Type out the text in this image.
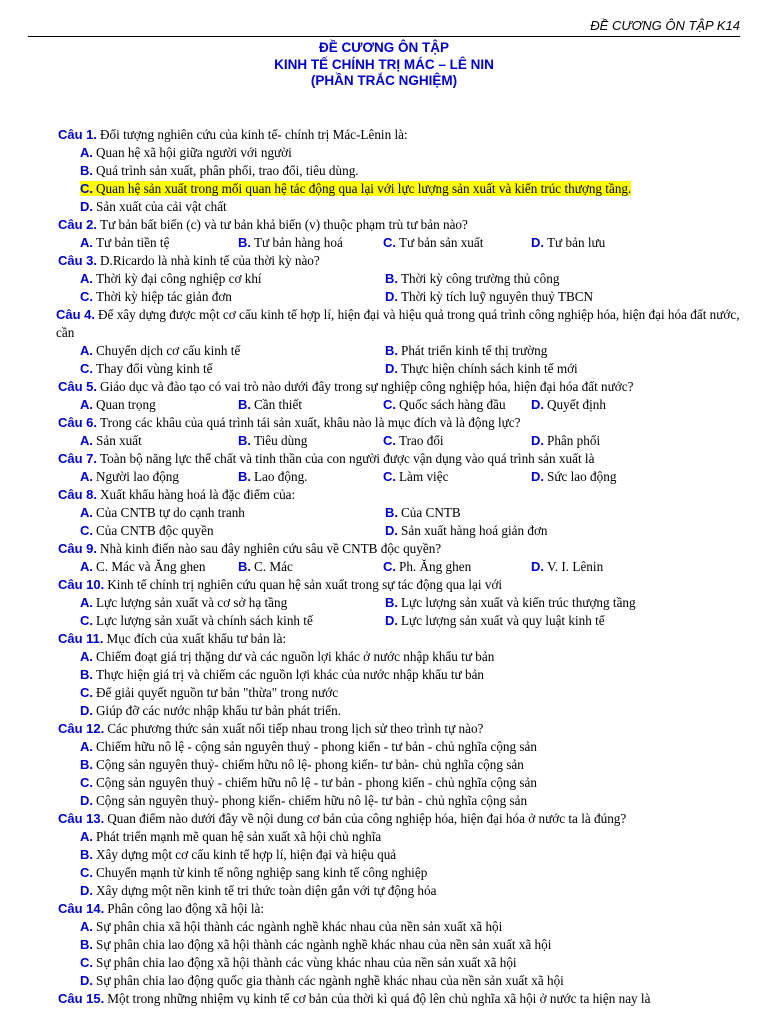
ĐỀ CƯƠNG ÔN TẬP K14
ĐỀ CƯƠNG ÔN TẬP
KINH TẾ CHÍNH TRỊ MÁC – LÊ NIN
(PHẦN TRẮC NGHIỆM)
Câu 1. Đối tượng nghiên cứu của kinh tế- chính trị Mác-Lênin là:
A. Quan hệ xã hội giữa người với người
B. Quá trình sản xuất, phân phối, trao đổi, tiêu dùng.
C. Quan hệ sản xuất trong mối quan hệ tác động qua lại với lực lượng sản xuất và kiến trúc thượng tầng.
D. Sản xuất của cải vật chất
Câu 2. Tư bản bất biến (c) và tư bản khả biến (v) thuộc phạm trù tư bản nào?
A. Tư bản tiền tệ	B. Tư bản hàng hoá	C. Tư bản sản xuất	D. Tư bản lưu
Câu 3. D.Ricardo là nhà kinh tế của thời kỳ nào?
A. Thời kỳ đại công nghiệp cơ khí	B. Thời kỳ công trường thủ công
C. Thời kỳ hiệp tác giản đơn	D. Thời kỳ tích luỹ nguyên thuỷ TBCN
Câu 4. Để xây dựng được một cơ cấu kinh tế hợp lí, hiện đại và hiệu quả trong quá trình công nghiệp hóa, hiện đại hóa đất nước, cần
A. Chuyển dịch cơ cấu kinh tế	B. Phát triển kinh tế thị trường
C. Thay đổi vùng kinh tế	D. Thực hiện chính sách kinh tế mới
Câu 5. Giáo dục và đào tạo có vai trò nào dưới đây trong sự nghiệp công nghiệp hóa, hiện đại hóa đất nước?
A. Quan trọng	B. Cần thiết	C. Quốc sách hàng đầu	D. Quyết định
Câu 6. Trong các khâu của quá trình tái sản xuất, khâu nào là mục đích và là động lực?
A. Sản xuất	B. Tiêu dùng	C. Trao đổi	D. Phân phối
Câu 7. Toàn bộ năng lực thể chất và tinh thần của con người được vận dụng vào quá trình sản xuất là
A. Người lao động	B. Lao động.	C. Làm việc	D. Sức lao động
Câu 8. Xuất khẩu hàng hoá là đặc điểm của:
A. Của CNTB tự do cạnh tranh	B. Của CNTB
C. Của CNTB độc quyền	D. Sản xuất hàng hoá giản đơn
Câu 9. Nhà kinh điển nào sau đây nghiên cứu sâu về CNTB độc quyền?
A. C. Mác và Ăng ghen	B. C. Mác	C. Ph. Ăng ghen	D. V. I. Lênin
Câu 10. Kinh tế chính trị nghiên cứu quan hệ sản xuất trong sự tác động qua lại với
A. Lực lượng sản xuất và cơ sở hạ tầng	B. Lực lượng sản xuất và kiến trúc thượng tầng
C. Lực lượng sản xuất và chính sách kinh tế	D. Lực lượng sản xuất và quy luật kinh tế
Câu 11. Mục đích của xuất khẩu tư bản là:
A. Chiếm đoạt giá trị thặng dư và các nguồn lợi khác ở nước nhập khẩu tư bản
B. Thực hiện giá trị và chiếm các nguồn lợi khác của nước nhập khẩu tư bản
C. Để giải quyết nguồn tư bản "thừa" trong nước
D. Giúp đỡ các nước nhập khẩu tư bản phát triển.
Câu 12. Các phương thức sản xuất nối tiếp nhau trong lịch sử theo trình tự nào?
A. Chiếm hữu nô lệ - cộng sản nguyên thuỷ - phong kiến - tư bản - chủ nghĩa cộng sản
B. Cộng sản nguyên thuỷ- chiếm hữu nô lệ- phong kiến- tư bản- chủ nghĩa cộng sản
C. Cộng sản nguyên thuỷ - chiếm hữu nô lệ - tư bản - phong kiến - chủ nghĩa cộng sản
D. Cộng sản nguyên thuỷ- phong kiến- chiếm hữu nô lệ- tư bản - chủ nghĩa cộng sản
Câu 13. Quan điểm nào dưới đây về nội dung cơ bản của công nghiệp hóa, hiện đại hóa ở nước ta là đúng?
A. Phát triển mạnh mẽ quan hệ sản xuất xã hội chủ nghĩa
B. Xây dựng một cơ cấu kinh tế hợp lí, hiện đại và hiệu quả
C. Chuyển mạnh từ kinh tế nông nghiệp sang kinh tế công nghiệp
D. Xây dựng một nền kinh tế tri thức toàn diện gắn với tự động hóa
Câu 14. Phân công lao động xã hội là:
A. Sự phân chia xã hội thành các ngành nghề khác nhau của nền sản xuất xã hội
B. Sự phân chia lao động xã hội thành các ngành nghề khác nhau của nền sản xuất xã hội
C. Sự phân chia lao động xã hội thành các vùng khác nhau của nền sản xuất xã hội
D. Sự phân chia lao động quốc gia thành các ngành nghề khác nhau của nền sản xuất xã hội
Câu 15. Một trong những nhiệm vụ kinh tế cơ bản của thời kì quá độ lên chủ nghĩa xã hội ở nước ta hiện nay là
